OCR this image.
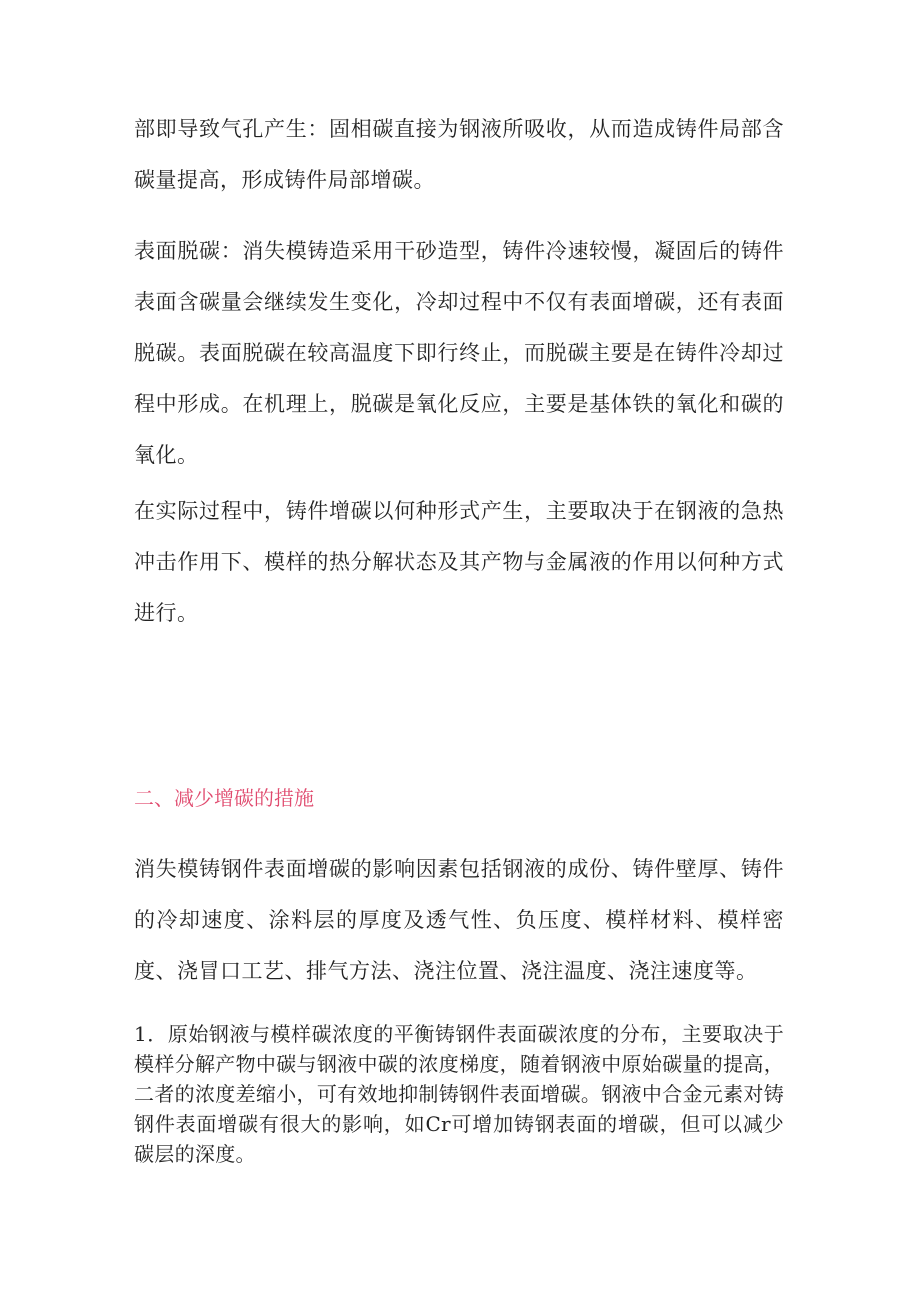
部即导致气孔产生：固相碳直接为钢液所吸收，从而造成铸件局部含碳量提高，形成铸件局部增碳。

表面脱碳：消失模铸造采用干砂造型，铸件冷速较慢，凝固后的铸件表面含碳量会继续发生变化，冷却过程中不仅有表面增碳，还有表面脱碳。表面脱碳在较高温度下即行终止，而脱碳主要是在铸件冷却过程中形成。在机理上，脱碳是氧化反应，主要是基体铁的氧化和碳的氧化。

在实际过程中，铸件增碳以何种形式产生，主要取决于在钢液的急热冲击作用下、模样的热分解状态及其产物与金属液的作用以何种方式进行。

二、减少增碳的措施

消失模铸钢件表面增碳的影响因素包括钢液的成份、铸件壁厚、铸件的冷却速度、涂料层的厚度及透气性、负压度、模样材料、模样密度、浇冒口工艺、排气方法、浇注位置、浇注温度、浇注速度等。

1．原始钢液与模样碳浓度的平衡铸钢件表面碳浓度的分布，主要取决于模样分解产物中碳与钢液中碳的浓度梯度，随着钢液中原始碳量的提高，二者的浓度差缩小，可有效地抑制铸钢件表面增碳。钢液中合金元素对铸钢件表面增碳有很大的影响，如Cr可增加铸钢表面的增碳，但可以减少碳层的深度。
